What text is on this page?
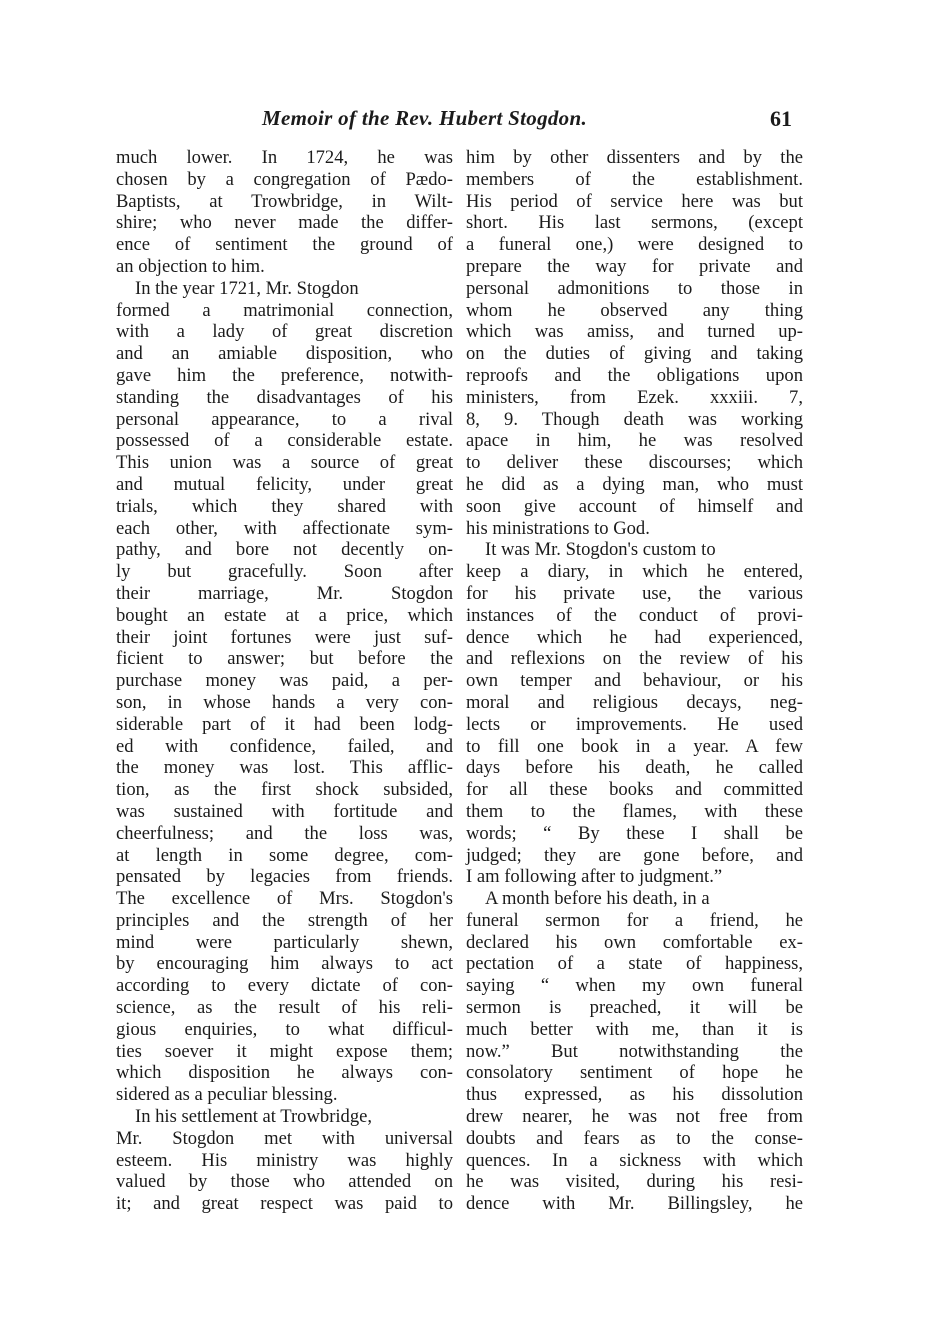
Memoir of the Rev. Hubert Stogdon.	61
much lower. In 1724, he was
chosen by a congregation of Pædo-
Baptists, at Trowbridge, in Wilt-
shire; who never made the differ-
ence of sentiment the ground of
an objection to him.
In the year 1721, Mr. Stogdon
formed a matrimonial connection,
with a lady of great discretion
and an amiable disposition, who
gave him the preference, notwith-
standing the disadvantages of his
personal appearance, to a rival
possessed of a considerable estate.
This union was a source of great
and mutual felicity, under great
trials, which they shared with
each other, with affectionate sym-
pathy, and bore not decently on-
ly but gracefully. Soon after
their marriage, Mr. Stogdon
bought an estate at a price, which
their joint fortunes were just suf-
ficient to answer; but before the
purchase money was paid, a per-
son, in whose hands a very con-
siderable part of it had been lodg-
ed with confidence, failed, and
the money was lost. This afflic-
tion, as the first shock subsided,
was sustained with fortitude and
cheerfulness; and the loss was,
at length in some degree, com-
pensated by legacies from friends.
The excellence of Mrs. Stogdon's
principles and the strength of her
mind were particularly shewn,
by encouraging him always to act
according to every dictate of con-
science, as the result of his reli-
gious enquiries, to what difficul-
ties soever it might expose them;
which disposition he always con-
sidered as a peculiar blessing.
In his settlement at Trowbridge,
Mr. Stogdon met with universal
esteem. His ministry was highly
valued by those who attended on
it; and great respect was paid to
him by other dissenters and by the
members of the establishment.
His period of service here was but
short. His last sermons, (except
a funeral one,) were designed to
prepare the way for private and
personal admonitions to those in
whom he observed any thing
which was amiss, and turned up-
on the duties of giving and taking
reproofs and the obligations upon
ministers, from Ezek. xxxiii. 7,
8, 9. Though death was working
apace in him, he was resolved
to deliver these discourses; which
he did as a dying man, who must
soon give account of himself and
his ministrations to God.
It was Mr. Stogdon's custom to
keep a diary, in which he entered,
for his private use, the various
instances of the conduct of provi-
dence which he had experienced,
and reflexions on the review of his
own temper and behaviour, or his
moral and religious decays, neg-
lects or improvements. He used
to fill one book in a year. A few
days before his death, he called
for all these books and committed
them to the flames, with these
words; “ By these I shall be
judged; they are gone before, and
I am following after to judgment.”
A month before his death, in a
funeral sermon for a friend, he
declared his own comfortable ex-
pectation of a state of happiness,
saying “ when my own funeral
sermon is preached, it will be
much better with me, than it is
now.” But notwithstanding the
consolatory sentiment of hope he
thus expressed, as his dissolution
drew nearer, he was not free from
doubts and fears as to the conse-
quences. In a sickness with which
he was visited, during his resi-
dence with Mr. Billingsley, he
